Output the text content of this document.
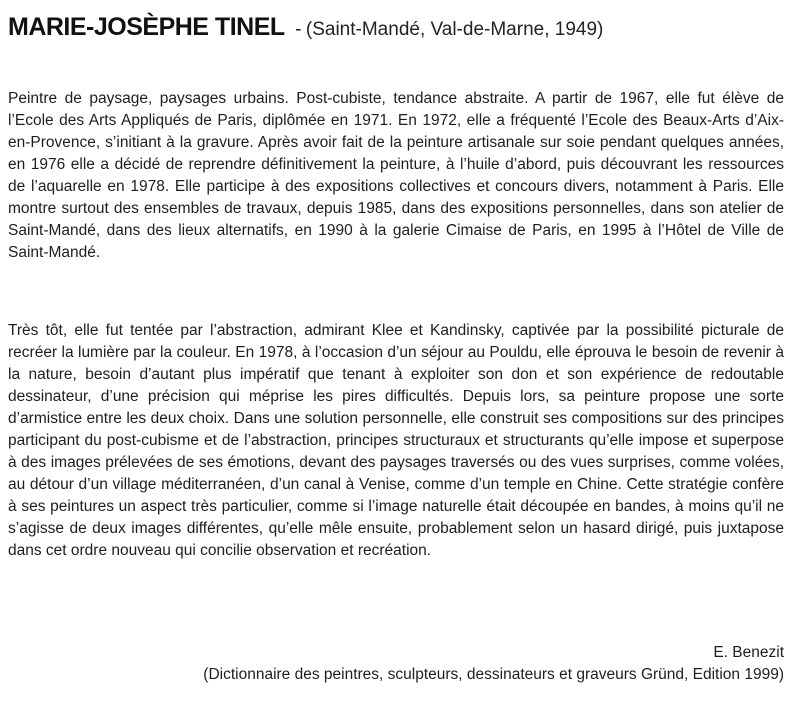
MARIE-JOSÈPHE TINEL - (Saint-Mandé, Val-de-Marne, 1949)

Peintre de paysage, paysages urbains. Post-cubiste, tendance abstraite. A partir de 1967, elle fut élève de l’Ecole des Arts Appliqués de Paris, diplômée en 1971. En 1972, elle a fréquenté l’Ecole des Beaux-Arts d’Aix-en-Provence, s’initiant à la gravure. Après avoir fait de la peinture artisanale sur soie pendant quelques années, en 1976 elle a décidé de reprendre définitivement la peinture, à l’huile d’abord, puis découvrant les ressources de l’aquarelle en 1978. Elle participe à des expositions collectives et concours divers, notamment à Paris. Elle montre surtout des ensembles de travaux, depuis 1985, dans des expositions personnelles, dans son atelier de Saint-Mandé, dans des lieux alternatifs, en 1990 à la galerie Cimaise de Paris, en 1995 à l’Hôtel de Ville de Saint-Mandé.

Très tôt, elle fut tentée par l’abstraction, admirant Klee et Kandinsky, captivée par la possibilité picturale de recréer la lumière par la couleur. En 1978, à l’occasion d’un séjour au Pouldu, elle éprouva le besoin de revenir à la nature, besoin d’autant plus impératif que tenant à exploiter son don et son expérience de redoutable dessinateur, d’une précision qui méprise les pires difficultés. Depuis lors, sa peinture propose une sorte d’armistice entre les deux choix. Dans une solution personnelle, elle construit ses compositions sur des principes participant du post-cubisme et de l’abstraction, principes structuraux et structurants qu’elle impose et superpose à des images prélevées de ses émotions, devant des paysages traversés ou des vues surprises, comme volées, au détour d’un village méditerranéen, d’un canal à Venise, comme d’un temple en Chine. Cette stratégie confère à ses peintures un aspect très particulier, comme si l’image naturelle était découpée en bandes, à moins qu’il ne s’agisse de deux images différentes, qu’elle mêle ensuite, probablement selon un hasard dirigé, puis juxtapose dans cet ordre nouveau qui concilie observation et recréation.

E. Benezit
(Dictionnaire des peintres, sculpteurs, dessinateurs et graveurs Gründ, Edition 1999)
